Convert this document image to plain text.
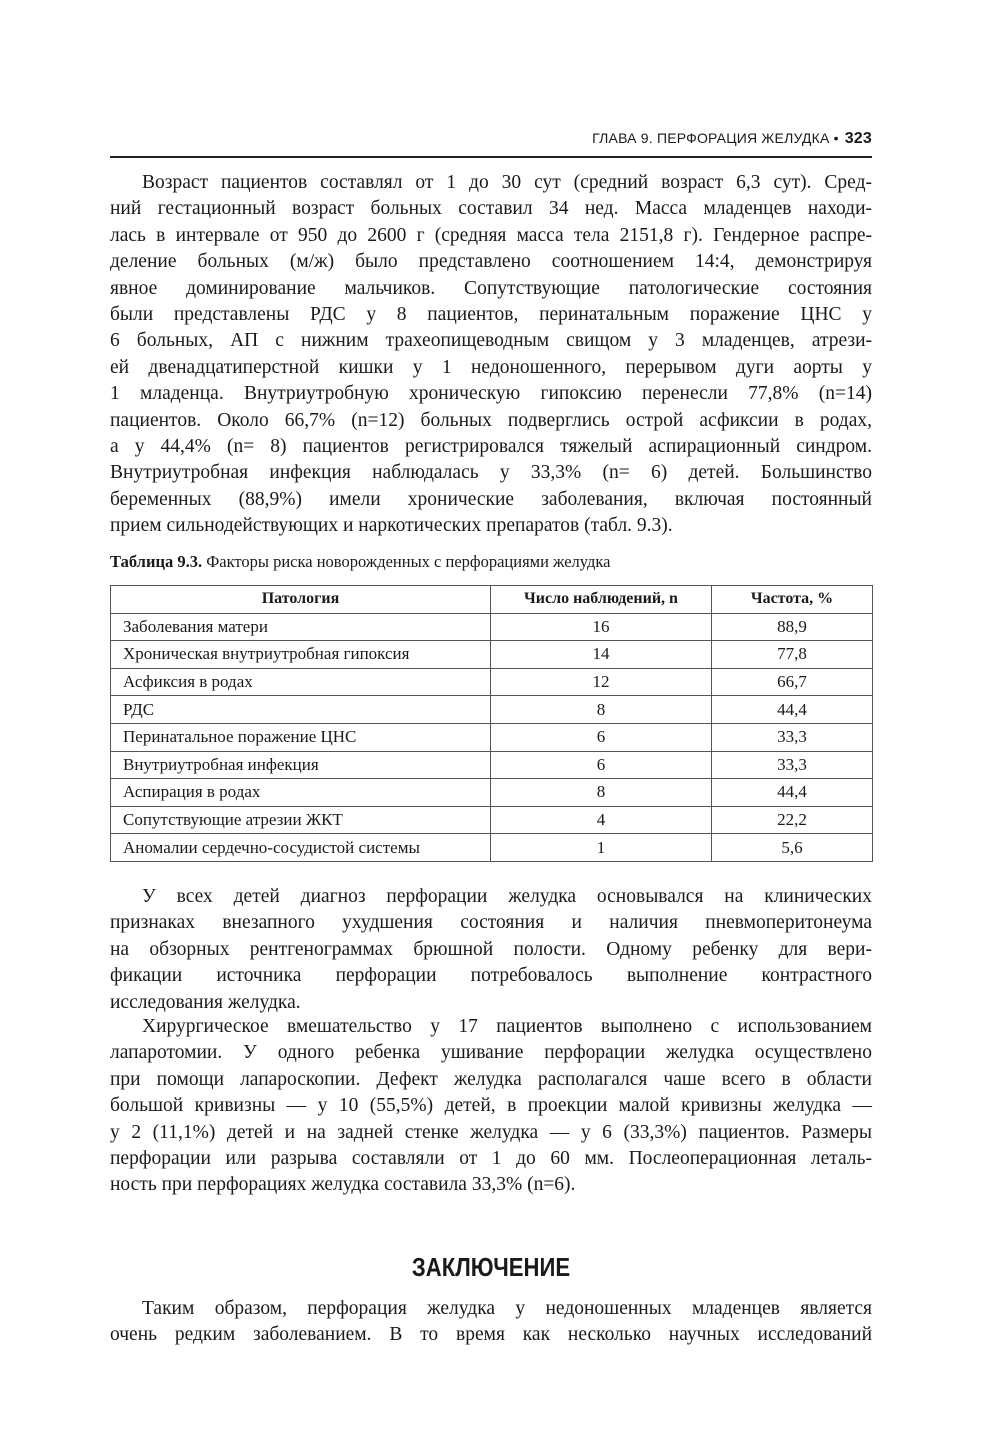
ГЛАВА 9. ПЕРФОРАЦИЯ ЖЕЛУДКА • 323
Возраст пациентов составлял от 1 до 30 сут (средний возраст 6,3 сут). Сред-
ний гестационный возраст больных составил 34 нед. Масса младенцев находи-
лась в интервале от 950 до 2600 г (средняя масса тела 2151,8 г). Гендерное распре-
деление больных (м/ж) было представлено соотношением 14:4, демонстрируя
явное доминирование мальчиков. Сопутствующие патологические состояния
были представлены РДС у 8 пациентов, перинатальным поражение ЦНС у
6 больных, АП с нижним трахеопищеводным свищом у 3 младенцев, атрези-
ей двенадцатиперстной кишки у 1 недоношенного, перерывом дуги аорты у
1 младенца. Внутриутробную хроническую гипоксию перенесли 77,8% (n=14)
пациентов. Около 66,7% (n=12) больных подверглись острой асфиксии в родах,
а у 44,4% (n= 8) пациентов регистрировался тяжелый аспирационный синдром.
Внутриутробная инфекция наблюдалась у 33,3% (n= 6) детей. Большинство
беременных (88,9%) имели хронические заболевания, включая постоянный
прием сильнодействующих и наркотических препаратов (табл. 9.3).
Таблица 9.3. Факторы риска новорожденных с перфорациями желудка
Патология	Число наблюдений, n	Частота, %
Заболевания матери	16	88,9
Хроническая внутриутробная гипоксия	14	77,8
Асфиксия в родах	12	66,7
РДС	8	44,4
Перинатальное поражение ЦНС	6	33,3
Внутриутробная инфекция	6	33,3
Аспирация в родах	8	44,4
Сопутствующие атрезии ЖКТ	4	22,2
Аномалии сердечно-сосудистой системы	1	5,6
У всех детей диагноз перфорации желудка основывался на клинических
признаках внезапного ухудшения состояния и наличия пневмоперитонеума
на обзорных рентгенограммах брюшной полости. Одному ребенку для вери-
фикации источника перфорации потребовалось выполнение контрастного
исследования желудка.
Хирургическое вмешательство у 17 пациентов выполнено с использованием
лапаротомии. У одного ребенка ушивание перфорации желудка осуществлено
при помощи лапароскопии. Дефект желудка располагался чаше всего в области
большой кривизны — у 10 (55,5%) детей, в проекции малой кривизны желудка —
у 2 (11,1%) детей и на задней стенке желудка — у 6 (33,3%) пациентов. Размеры
перфорации или разрыва составляли от 1 до 60 мм. Послеоперационная леталь-
ность при перфорациях желудка составила 33,3% (n=6).
ЗАКЛЮЧЕНИЕ
Таким образом, перфорация желудка у недоношенных младенцев является
очень редким заболеванием. В то время как несколько научных исследований
